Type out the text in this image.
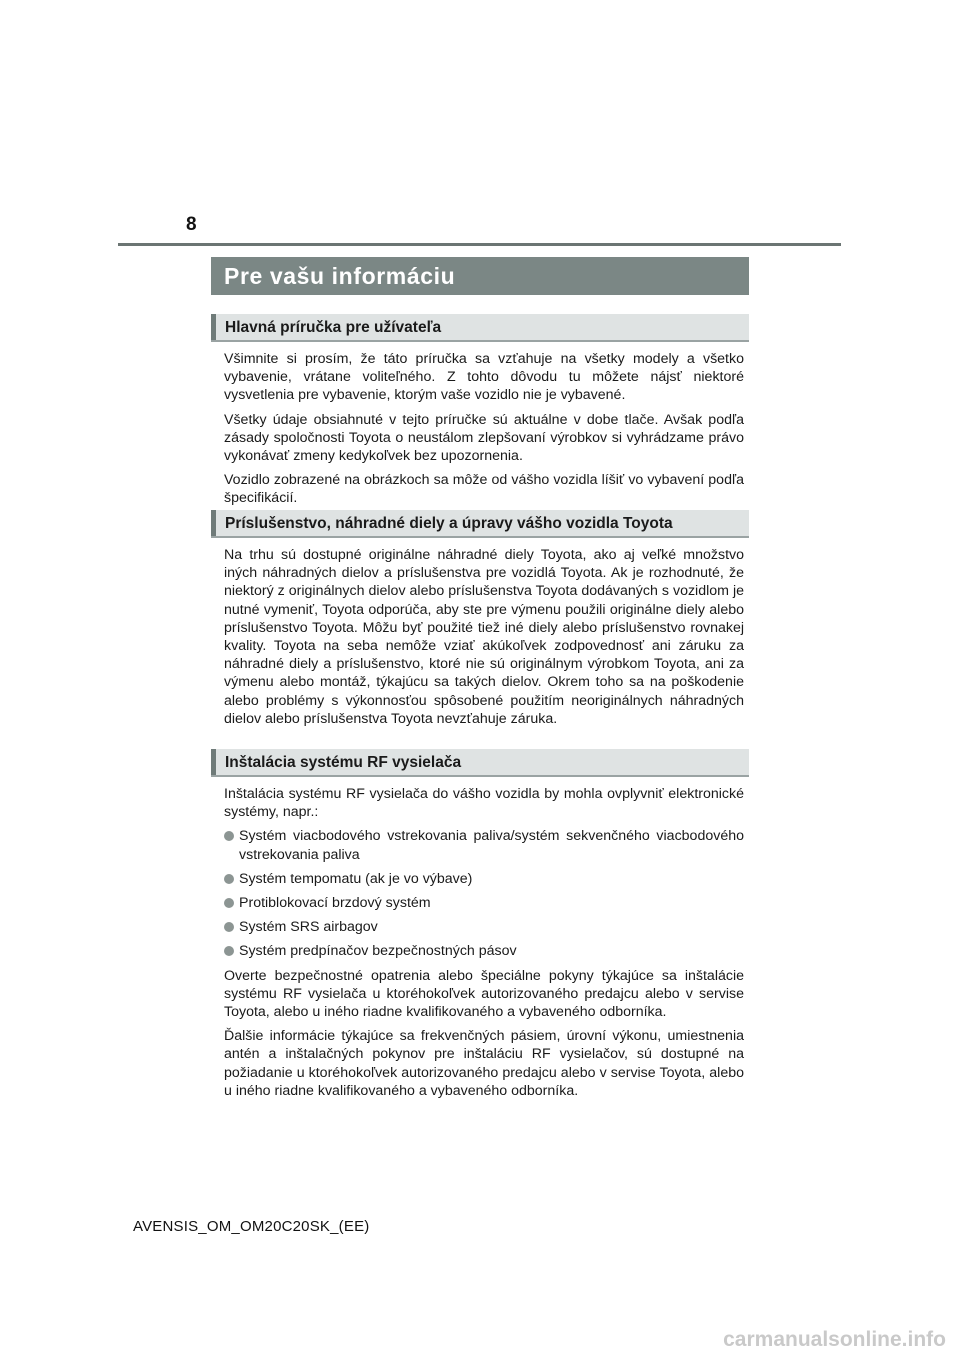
8
Pre vašu informáciu
Hlavná príručka pre užívateľa

Všimnite si prosím, že táto príručka sa vzťahuje na všetky modely a všetko vybavenie, vrátane voliteľného. Z tohto dôvodu tu môžete nájsť niektoré vysvetlenia pre vybavenie, ktorým vaše vozidlo nie je vybavené.

Všetky údaje obsiahnuté v tejto príručke sú aktuálne v dobe tlače. Avšak podľa zásady spoločnosti Toyota o neustálom zlepšovaní výrobkov si vyhrádzame právo vykonávať zmeny kedykoľvek bez upozornenia.

Vozidlo zobrazené na obrázkoch sa môže od vášho vozidla líšiť vo vybavení podľa špecifikácií.

Príslušenstvo, náhradné diely a úpravy vášho vozidla Toyota

Na trhu sú dostupné originálne náhradné diely Toyota, ako aj veľké množstvo iných náhradných dielov a príslušenstva pre vozidlá Toyota. Ak je rozhodnuté, že niektorý z originálnych dielov alebo príslušenstva Toyota dodávaných s vozidlom je nutné vymeniť, Toyota odporúča, aby ste pre výmenu použili originálne diely alebo príslušenstvo Toyota. Môžu byť použité tiež iné diely alebo príslušenstvo rovnakej kvality. Toyota na seba nemôže vziať akúkoľvek zodpovednosť ani záruku za náhradné diely a príslušenstvo, ktoré nie sú originálnym výrobkom Toyota, ani za výmenu alebo montáž, týkajúcu sa takých dielov. Okrem toho sa na poškodenie alebo problémy s výkonnosťou spôsobené použitím neoriginálnych náhradných dielov alebo príslušenstva Toyota nevzťahuje záruka.

Inštalácia systému RF vysielača

Inštalácia systému RF vysielača do vášho vozidla by mohla ovplyvniť elektronické systémy, napr.:

Systém viacbodového vstrekovania paliva/systém sekvenčného viacbodového vstrekovania paliva
Systém tempomatu (ak je vo výbave)
Protiblokovací brzdový systém
Systém SRS airbagov
Systém predpínačov bezpečnostných pásov

Overte bezpečnostné opatrenia alebo špeciálne pokyny týkajúce sa inštalácie systému RF vysielača u ktoréhokoľvek autorizovaného predajcu alebo v servise Toyota, alebo u iného riadne kvalifikovaného a vybaveného odborníka.

Ďalšie informácie týkajúce sa frekvenčných pásiem, úrovní výkonu, umiestnenia antén a inštalačných pokynov pre inštaláciu RF vysielačov, sú dostupné na požiadanie u ktoréhokoľvek autorizovaného predajcu alebo v servise Toyota, alebo u iného riadne kvalifikovaného a vybaveného odborníka.

AVENSIS_OM_OM20C20SK_(EE)
carmanualsonline.info
